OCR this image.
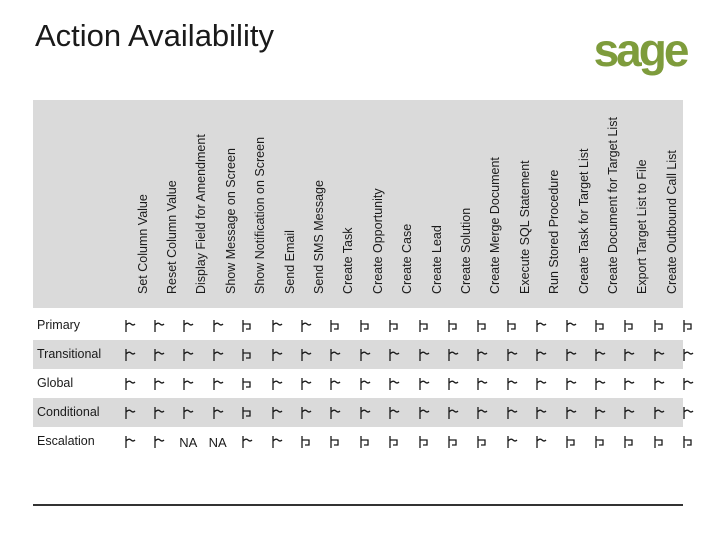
Action Availability	sage
Set Column Value Reset Column Value Display Field for Amendment Show Message on Screen Show Notification on Screen Send Email Send SMS Message Create Task Create Opportunity Create Case Create Lead Create Solution Create Merge Document Execute SQL Statement Run Stored Procedure Create Task for Target List Create Document for Target List Export Target List to File Create Outbound Call List
Primary
Transitional
Global
Conditional
Escalation	NA NA
